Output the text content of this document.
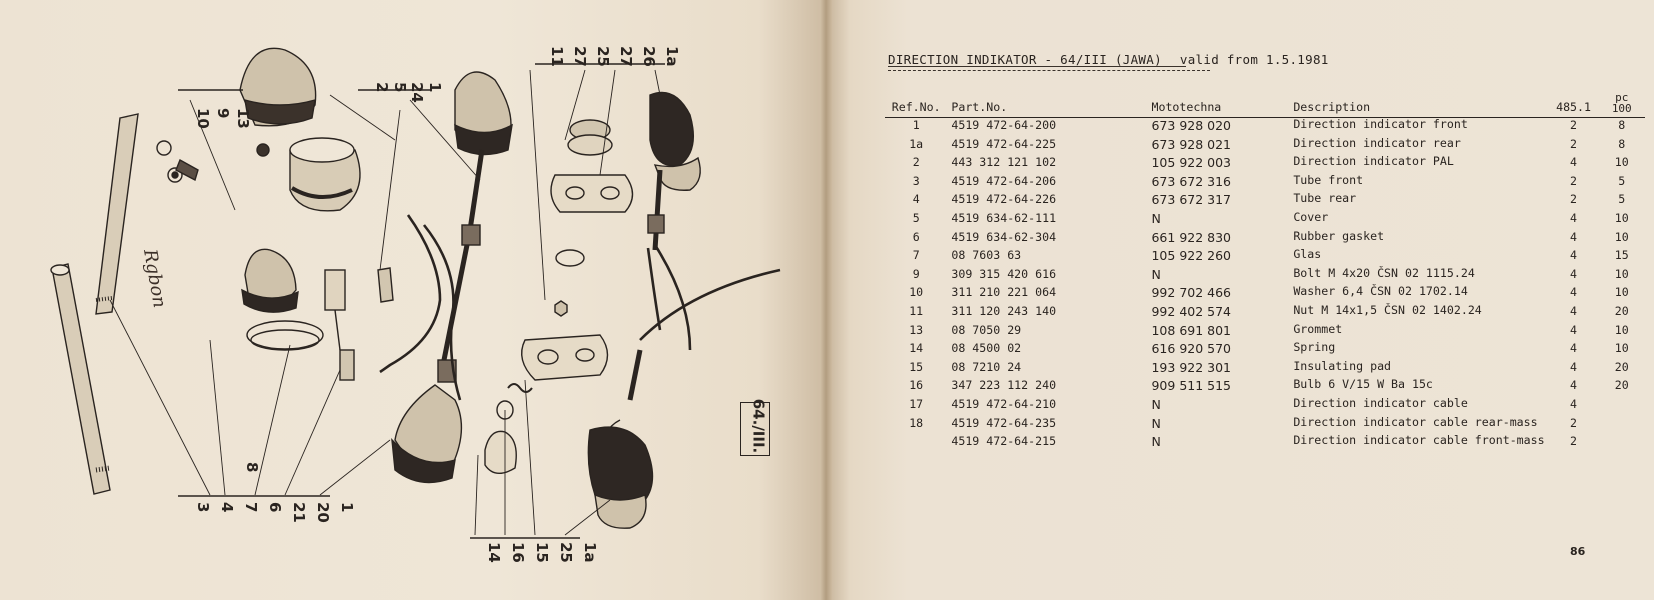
10 9 13
2 5 24 1
11 27 25 27 26 1a
3 4 7 6 21 20 1
8
14 16 15 25 1a
Rgbon
64./III.
DIRECTION INDIKATOR - 64/III (JAWA) valid from 1.5.1981
Ref.No.	Part.No.	Mototechna	Description	485.1	pc
100

1	4519 472-64-200	673 928 020	Direction indicator front	2	8
1a	4519 472-64-225	673 928 021	Direction indicator rear	2	8
2	443 312 121 102	105 922 003	Direction indicator PAL	4	10
3	4519 472-64-206	673 672 316	Tube front	2	5
4	4519 472-64-226	673 672 317	Tube rear	2	5
5	4519 634-62-111	N	Cover	4	10
6	4519 634-62-304	661 922 830	Rubber gasket	4	10
7	08 7603 63	105 922 260	Glas	4	15
9	309 315 420 616	N	Bolt M 4x20 ČSN 02 1115.24	4	10
10	311 210 221 064	992 702 466	Washer 6,4 ČSN 02 1702.14	4	10
11	311 120 243 140	992 402 574	Nut M 14x1,5 ČSN 02 1402.24	4	20
13	08 7050 29	108 691 801	Grommet	4	10
14	08 4500 02	616 920 570	Spring	4	10
15	08 7210 24	193 922 301	Insulating pad	4	20
16	347 223 112 240	909 511 515	Bulb 6 V/15 W Ba 15c	4	20
17	4519 472-64-210	N	Direction indicator cable	4	
18	4519 472-64-235	N	Direction indicator cable rear-mass	2	
	4519 472-64-215	N	Direction indicator cable front-mass	2	
86
